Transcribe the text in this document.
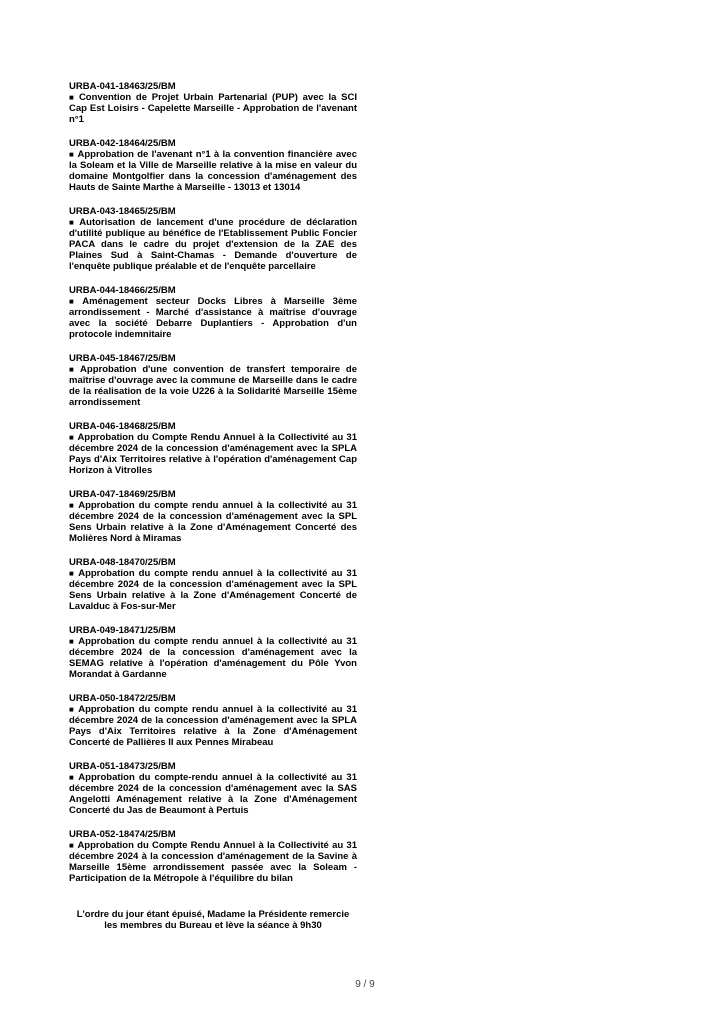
URBA-041-18463/25/BM

■ Convention de Projet Urbain Partenarial (PUP) avec la SCI Cap Est Loisirs - Capelette Marseille - Approbation de l'avenant n°1

URBA-042-18464/25/BM

■ Approbation de l'avenant n°1 à la convention financière avec la Soleam et la Ville de Marseille relative à la mise en valeur du domaine Montgolfier dans la concession d'aménagement des Hauts de Sainte Marthe à Marseille - 13013 et 13014

URBA-043-18465/25/BM

■ Autorisation de lancement d'une procédure de déclaration d'utilité publique au bénéfice de l'Etablissement Public Foncier PACA dans le cadre du projet d'extension de la ZAE des Plaines Sud à Saint-Chamas - Demande d'ouverture de l'enquête publique préalable et de l'enquête parcellaire

URBA-044-18466/25/BM

■ Aménagement secteur Docks Libres à Marseille 3ème arrondissement - Marché d'assistance à maîtrise d'ouvrage avec la société Debarre Duplantiers - Approbation d'un protocole indemnitaire

URBA-045-18467/25/BM

■ Approbation d'une convention de transfert temporaire de maîtrise d'ouvrage avec la commune de Marseille dans le cadre de la réalisation de la voie U226 à la Solidarité Marseille 15ème arrondissement

URBA-046-18468/25/BM

■ Approbation du Compte Rendu Annuel à la Collectivité au 31 décembre 2024 de la concession d'aménagement avec la SPLA Pays d'Aix Territoires relative à l'opération d'aménagement Cap Horizon à Vitrolles

URBA-047-18469/25/BM

■ Approbation du compte rendu annuel à la collectivité au 31 décembre 2024 de la concession d'aménagement avec la SPL Sens Urbain relative à la Zone d'Aménagement Concerté des Molières Nord à Miramas

URBA-048-18470/25/BM

■ Approbation du compte rendu annuel à la collectivité au 31 décembre 2024 de la concession d'aménagement avec la SPL Sens Urbain relative à la Zone d'Aménagement Concerté de Lavalduc à Fos-sur-Mer

URBA-049-18471/25/BM

■ Approbation du compte rendu annuel à la collectivité au 31 décembre 2024 de la concession d'aménagement avec la SEMAG relative à l'opération d'aménagement du Pôle Yvon Morandat à Gardanne

URBA-050-18472/25/BM

■ Approbation du compte rendu annuel à la collectivité au 31 décembre 2024 de la concession d'aménagement avec la SPLA Pays d'Aix Territoires relative à la Zone d'Aménagement Concerté de Pallières II aux Pennes Mirabeau

URBA-051-18473/25/BM

■ Approbation du compte-rendu annuel à la collectivité au 31 décembre 2024 de la concession d'aménagement avec la SAS Angelotti Aménagement relative à la Zone d'Aménagement Concerté du Jas de Beaumont à Pertuis

URBA-052-18474/25/BM

■ Approbation du Compte Rendu Annuel à la Collectivité au 31 décembre 2024 à la concession d'aménagement de la Savine à Marseille 15ème arrondissement passée avec la Soleam - Participation de la Métropole à l'équilibre du bilan

L'ordre du jour étant épuisé, Madame la Présidente remercie les membres du Bureau et lève la séance à 9h30
9 / 9
